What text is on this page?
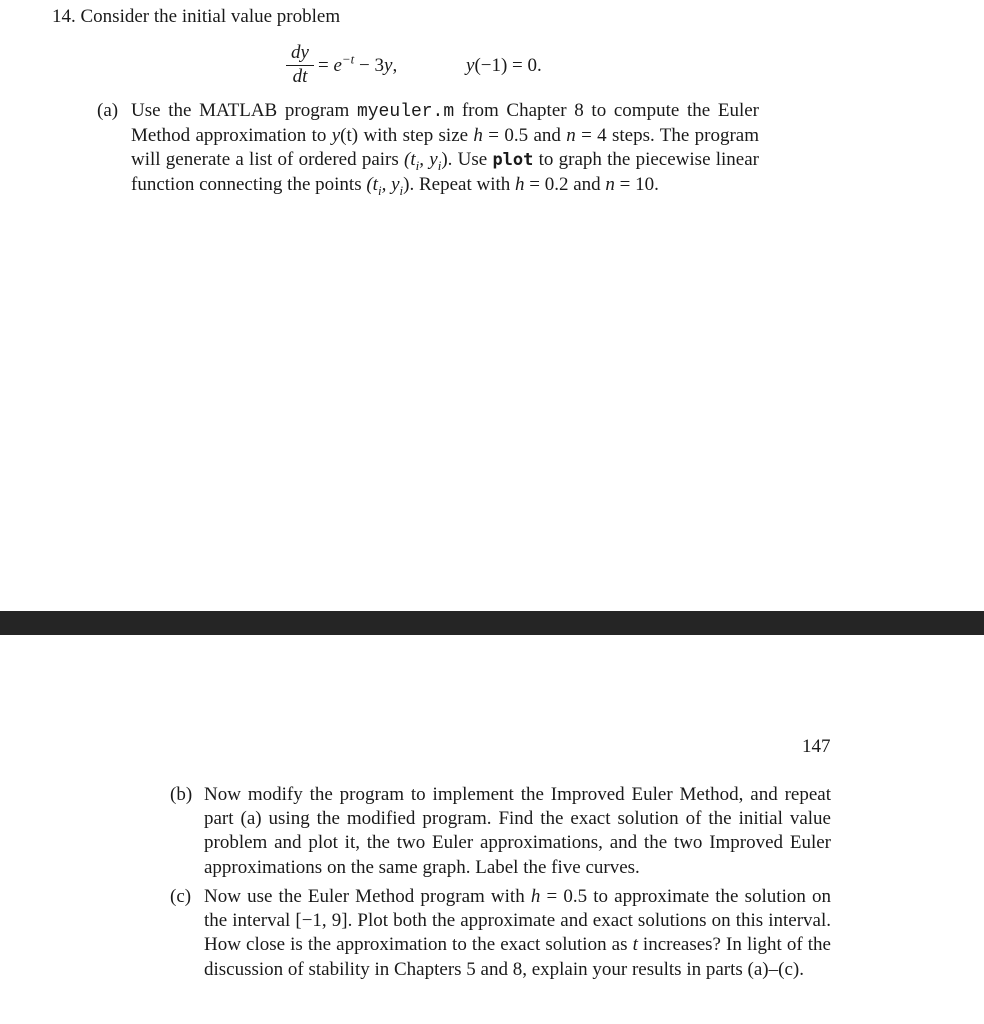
14. Consider the initial value problem
dy
dt
= $e^{-t} - 3y$,	y(−1) = 0.
(a) Use the MATLAB program myeuler.m from Chapter 8 to compute the Euler Method approximation to y(t) with step size h = 0.5 and n = 4 steps. The program will generate a list of ordered pairs ($t_i$, $y_i$). Use plot to graph the piecewise linear function connecting the points ($t_i$, $y_i$). Repeat with h = 0.2 and n = 10.
147
(b) Now modify the program to implement the Improved Euler Method, and repeat part (a) using the modified program. Find the exact solution of the initial value problem and plot it, the two Euler approximations, and the two Improved Euler approximations on the same graph. Label the five curves.
(c) Now use the Euler Method program with h = 0.5 to approximate the solution on the interval [−1, 9]. Plot both the approximate and exact solutions on this interval. How close is the approximation to the exact solution as t increases? In light of the discussion of stability in Chapters 5 and 8, explain your results in parts (a)–(c).
